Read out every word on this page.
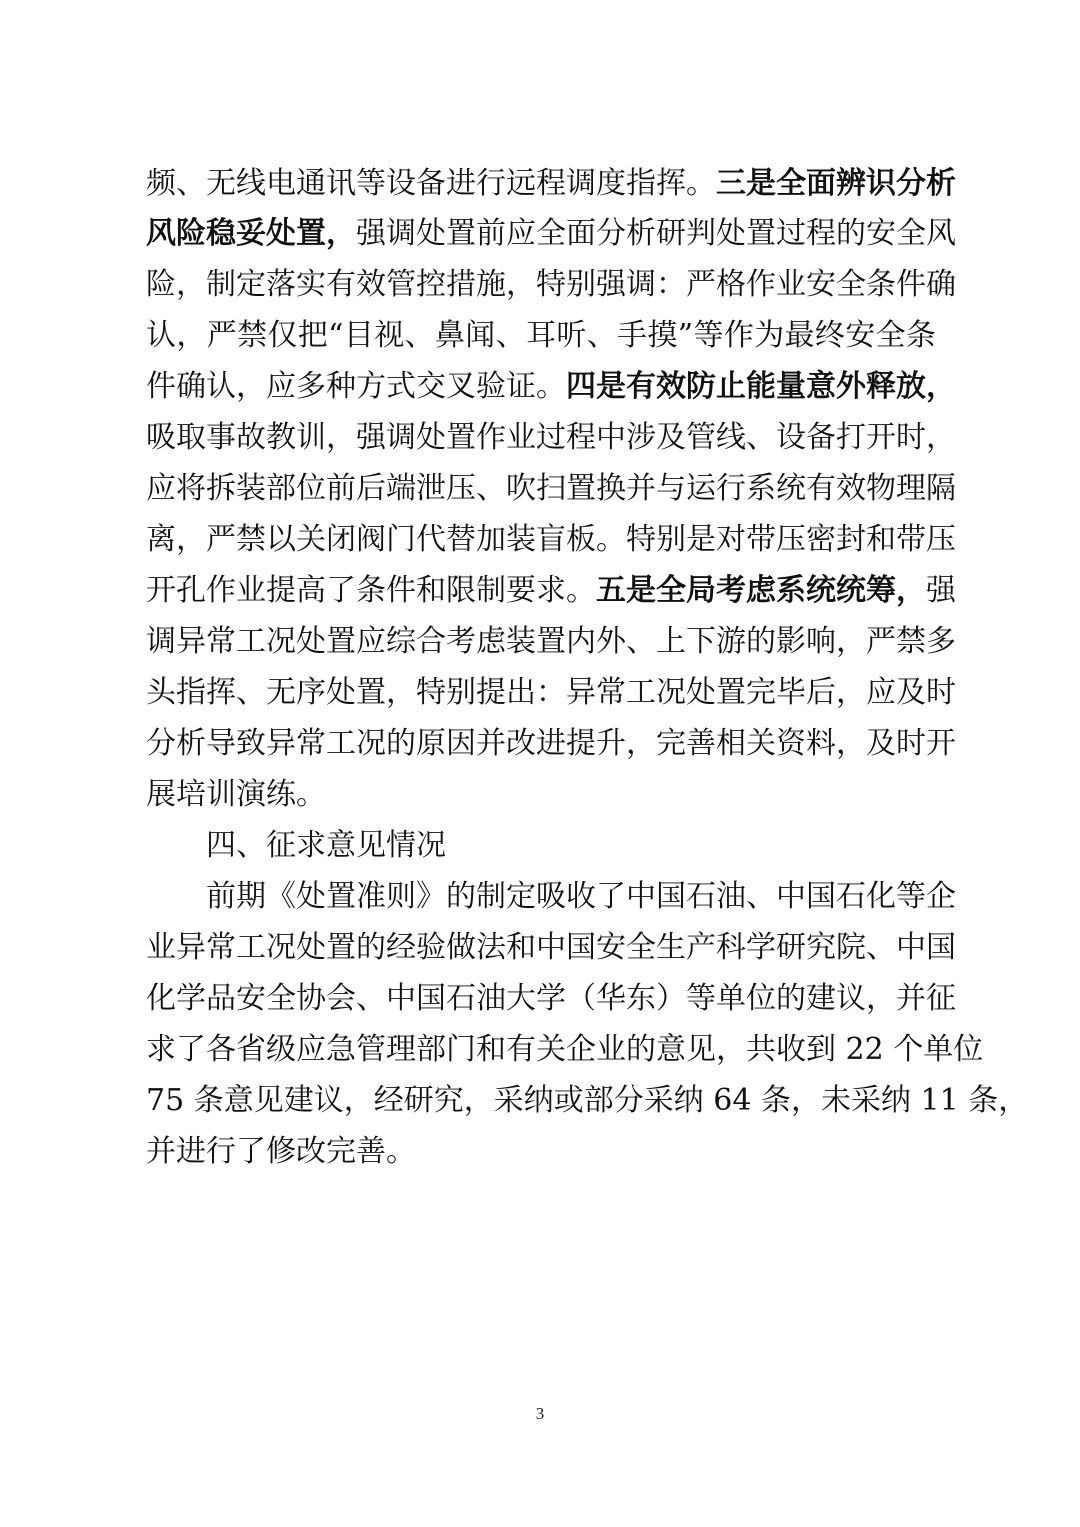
频、无线电通讯等设备进行远程调度指挥。三是全面辨识分析
风险稳妥处置，强调处置前应全面分析研判处置过程的安全风
险，制定落实有效管控措施，特别强调：严格作业安全条件确
认，严禁仅把“目视、鼻闻、耳听、手摸”等作为最终安全条
件确认，应多种方式交叉验证。四是有效防止能量意外释放，
吸取事故教训，强调处置作业过程中涉及管线、设备打开时，
应将拆装部位前后端泄压、吹扫置换并与运行系统有效物理隔
离，严禁以关闭阀门代替加装盲板。特别是对带压密封和带压
开孔作业提高了条件和限制要求。五是全局考虑系统统筹，强
调异常工况处置应综合考虑装置内外、上下游的影响，严禁多
头指挥、无序处置，特别提出：异常工况处置完毕后，应及时
分析导致异常工况的原因并改进提升，完善相关资料，及时开
展培训演练。
四、征求意见情况
前期《处置准则》的制定吸收了中国石油、中国石化等企
业异常工况处置的经验做法和中国安全生产科学研究院、中国
化学品安全协会、中国石油大学（华东）等单位的建议，并征
求了各省级应急管理部门和有关企业的意见，共收到 22 个单位
75 条意见建议，经研究，采纳或部分采纳 64 条，未采纳 11 条，
并进行了修改完善。
3
